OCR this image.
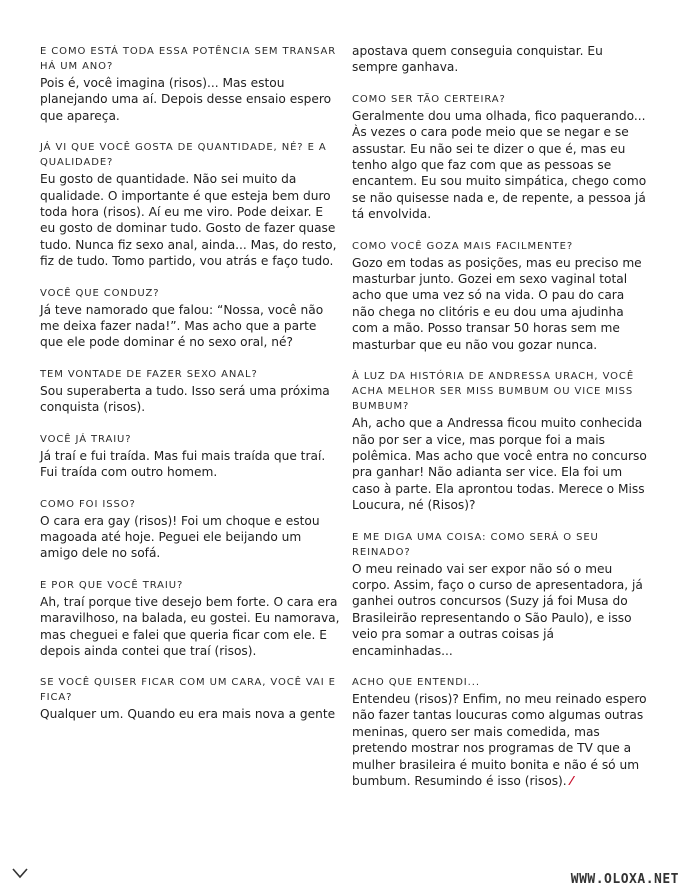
E COMO ESTÁ TODA ESSA POTÊNCIA SEM TRANSAR HÁ UM ANO?

Pois é, você imagina (risos)... Mas estou planejando uma aí. Depois desse ensaio espero que apareça.

JÁ VI QUE VOCÊ GOSTA DE QUANTIDADE, NÉ? E A QUALIDADE?

Eu gosto de quantidade. Não sei muito da qualidade. O importante é que esteja bem duro toda hora (risos). Aí eu me viro. Pode deixar. E eu gosto de dominar tudo. Gosto de fazer quase tudo. Nunca fiz sexo anal, ainda... Mas, do resto, fiz de tudo. Tomo partido, vou atrás e faço tudo.

VOCÊ QUE CONDUZ?

Já teve namorado que falou: “Nossa, você não me deixa fazer nada!”. Mas acho que a parte que ele pode dominar é no sexo oral, né?

TEM VONTADE DE FAZER SEXO ANAL?

Sou superaberta a tudo. Isso será uma próxima conquista (risos).

VOCÊ JÁ TRAIU?

Já traí e fui traída. Mas fui mais traída que traí. Fui traída com outro homem.

COMO FOI ISSO?

O cara era gay (risos)! Foi um choque e estou magoada até hoje. Peguei ele beijando um amigo dele no sofá.

E POR QUE VOCÊ TRAIU?

Ah, traí porque tive desejo bem forte. O cara era maravilhoso, na balada, eu gostei. Eu namorava, mas cheguei e falei que queria ficar com ele. E depois ainda contei que traí (risos).

SE VOCÊ QUISER FICAR COM UM CARA, VOCÊ VAI E FICA?

Qualquer um. Quando eu era mais nova a gente

apostava quem conseguia conquistar. Eu sempre ganhava.

COMO SER TÃO CERTEIRA?

Geralmente dou uma olhada, fico paquerando... Às vezes o cara pode meio que se negar e se assustar. Eu não sei te dizer o que é, mas eu tenho algo que faz com que as pessoas se encantem. Eu sou muito simpática, chego como se não quisesse nada e, de repente, a pessoa já tá envolvida.

COMO VOCÊ GOZA MAIS FACILMENTE?

Gozo em todas as posições, mas eu preciso me masturbar junto. Gozei em sexo vaginal total acho que uma vez só na vida. O pau do cara não chega no clitóris e eu dou uma ajudinha com a mão. Posso transar 50 horas sem me masturbar que eu não vou gozar nunca.

À LUZ DA HISTÓRIA DE ANDRESSA URACH, VOCÊ ACHA MELHOR SER MISS BUMBUM OU VICE MISS BUMBUM?

Ah, acho que a Andressa ficou muito conhecida não por ser a vice, mas porque foi a mais polêmica. Mas acho que você entra no concurso pra ganhar! Não adianta ser vice. Ela foi um caso à parte. Ela aprontou todas. Merece o Miss Loucura, né (Risos)?

E ME DIGA UMA COISA: COMO SERÁ O SEU REINADO?

O meu reinado vai ser expor não só o meu corpo. Assim, faço o curso de apresentadora, já ganhei outros concursos (Suzy já foi Musa do Brasileirão representando o São Paulo), e isso veio pra somar a outras coisas já encaminhadas...

ACHO QUE ENTENDI...

Entendeu (risos)? Enfim, no meu reinado espero não fazer tantas loucuras como algumas outras meninas, quero ser mais comedida, mas pretendo mostrar nos programas de TV que a mulher brasileira é muito bonita e não é só um bumbum. Resumindo é isso (risos). ⁄

WWW.OLOXA.NET
